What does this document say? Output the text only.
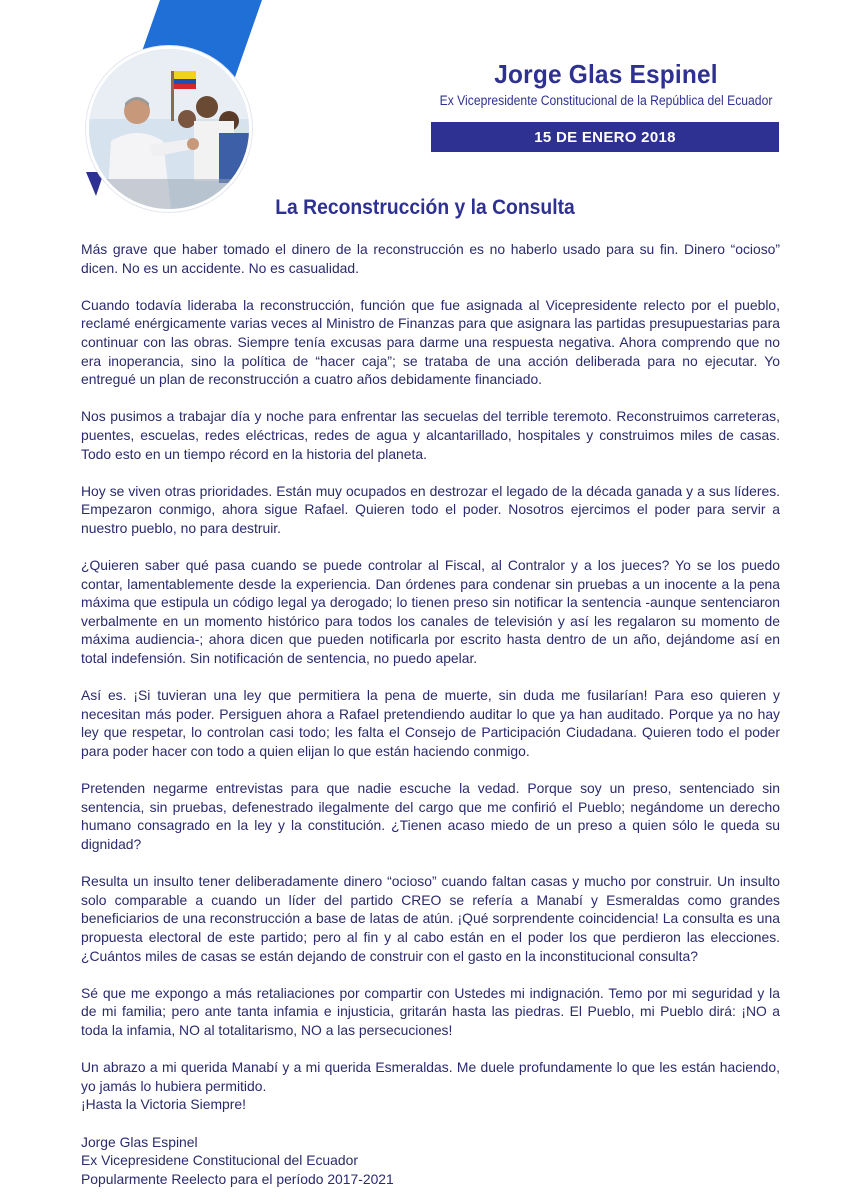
Jorge Glas Espinel
Ex Vicepresidente Constitucional de la República del Ecuador
15 DE ENERO 2018
La Reconstrucción y la Consulta

Más grave que haber tomado el dinero de la reconstrucción es no haberlo usado para su fin. Dinero “ocioso” dicen. No es un accidente. No es casualidad.

Cuando todavía lideraba la reconstrucción, función que fue asignada al Vicepresidente relecto por el pueblo, reclamé enérgicamente varias veces al Ministro de Finanzas para que asignara las partidas presupuestarias para continuar con las obras. Siempre tenía excusas para darme una respuesta negativa. Ahora comprendo que no era inoperancia, sino la política de “hacer caja”; se trataba de una acción deliberada para no ejecutar. Yo entregué un plan de reconstrucción a cuatro años debidamente financiado.

Nos pusimos a trabajar día y noche para enfrentar las secuelas del terrible teremoto. Reconstruimos carreteras, puentes, escuelas, redes eléctricas, redes de agua y alcantarillado, hospitales y construimos miles de casas. Todo esto en un tiempo récord en la historia del planeta.

Hoy se viven otras prioridades. Están muy ocupados en destrozar el legado de la década ganada y a sus líderes. Empezaron conmigo, ahora sigue Rafael. Quieren todo el poder. Nosotros ejercimos el poder para servir a nuestro pueblo, no para destruir.

¿Quieren saber qué pasa cuando se puede controlar al Fiscal, al Contralor y a los jueces? Yo se los puedo contar, lamentablemente desde la experiencia. Dan órdenes para condenar sin pruebas a un inocente a la pena máxima que estipula un código legal ya derogado; lo tienen preso sin notificar la sentencia -aunque sentenciaron verbalmente en un momento histórico para todos los canales de televisión y así les regalaron su momento de máxima audiencia-; ahora dicen que pueden notificarla por escrito hasta dentro de un año, dejándome así en total indefensión. Sin notificación de sentencia, no puedo apelar.

Así es. ¡Si tuvieran una ley que permitiera la pena de muerte, sin duda me fusilarían! Para eso quieren y necesitan más poder. Persiguen ahora a Rafael pretendiendo auditar lo que ya han auditado. Porque ya no hay ley que respetar, lo controlan casi todo; les falta el Consejo de Participación Ciudadana. Quieren todo el poder para poder hacer con todo a quien elijan lo que están haciendo conmigo.

Pretenden negarme entrevistas para que nadie escuche la vedad. Porque soy un preso, sentenciado sin sentencia, sin pruebas, defenestrado ilegalmente del cargo que me confirió el Pueblo; negándome un derecho humano consagrado en la ley y la constitución. ¿Tienen acaso miedo de un preso a quien sólo le queda su dignidad?

Resulta un insulto tener deliberadamente dinero “ocioso” cuando faltan casas y mucho por construir. Un insulto solo comparable a cuando un líder del partido CREO se refería a Manabí y Esmeraldas como grandes beneficiarios de una reconstrucción a base de latas de atún. ¡Qué sorprendente coincidencia! La consulta es una propuesta electoral de este partido; pero al fin y al cabo están en el poder los que perdieron las elecciones. ¿Cuántos miles de casas se están dejando de construir con el gasto en la inconstitucional consulta?

Sé que me expongo a más retaliaciones por compartir con Ustedes mi indignación. Temo por mi seguridad y la de mi familia; pero ante tanta infamia e injusticia, gritarán hasta las piedras. El Pueblo, mi Pueblo dirá: ¡NO a toda la infamia, NO al totalitarismo, NO a las persecuciones!

Un abrazo a mi querida Manabí y a mi querida Esmeraldas. Me duele profundamente lo que les están haciendo, yo jamás lo hubiera permitido.

¡Hasta la Victoria Siempre!

Jorge Glas Espinel
Ex Vicepresidene Constitucional del Ecuador
Popularmente Reelecto para el período 2017-2021
